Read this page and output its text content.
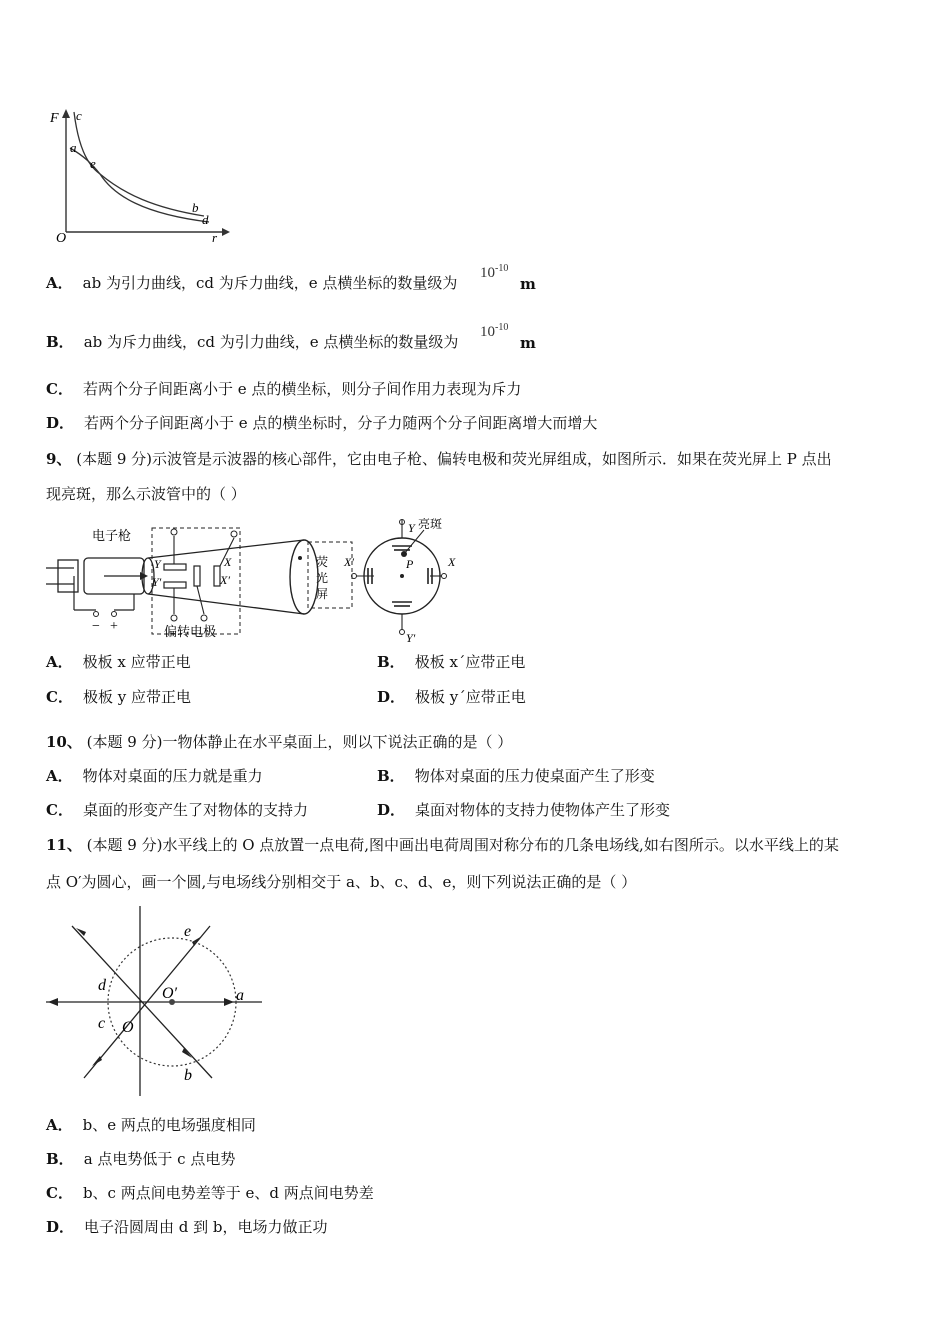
F c
a
e
b
d
O	r
A． ab 为引力曲线，cd 为斥力曲线，e 点横坐标的数量级为
$10^{-10}$
m
B． ab 为斥力曲线，cd 为引力曲线，e 点横坐标的数量级为
$10^{-10}$
m
C． 若两个分子间距离小于 e 点的横坐标，则分子间作用力表现为斥力
D． 若两个分子间距离小于 e 点的横坐标时，分子力随两个分子间距离增大而增大
9、 (本题 9 分)示波管是示波器的核心部件，它由电子枪、偏转电极和荧光屏组成，如图所示．如果在荧光屏上 P 点出
现亮斑，那么示波管中的（ ）
电子枪
− +
Y
Y′
X
X′
偏转电极
荧
光
屏
亮斑
P
Y
Y′
X′	X
A． 极板 x 应带正电	B． 极板 x´应带正电
C． 极板 y 应带正电	D． 极板 y´应带正电
10、 (本题 9 分)一物体静止在水平桌面上，则以下说法正确的是（ ）
A． 物体对桌面的压力就是重力	B． 物体对桌面的压力使桌面产生了形变
C． 桌面的形变产生了对物体的支持力	D． 桌面对物体的支持力使物体产生了形变
11、 (本题 9 分)水平线上的 O 点放置一点电荷,图中画出电荷周围对称分布的几条电场线,如右图所示。以水平线上的某
点 O′为圆心，画一个圆,与电场线分别相交于 a、b、c、d、e，则下列说法正确的是（ ）
a
b
c
d
e
O
O′
A． b、e 两点的电场强度相同
B． a 点电势低于 c 点电势
C． b、c 两点间电势差等于 e、d 两点间电势差
D． 电子沿圆周由 d 到 b，电场力做正功
